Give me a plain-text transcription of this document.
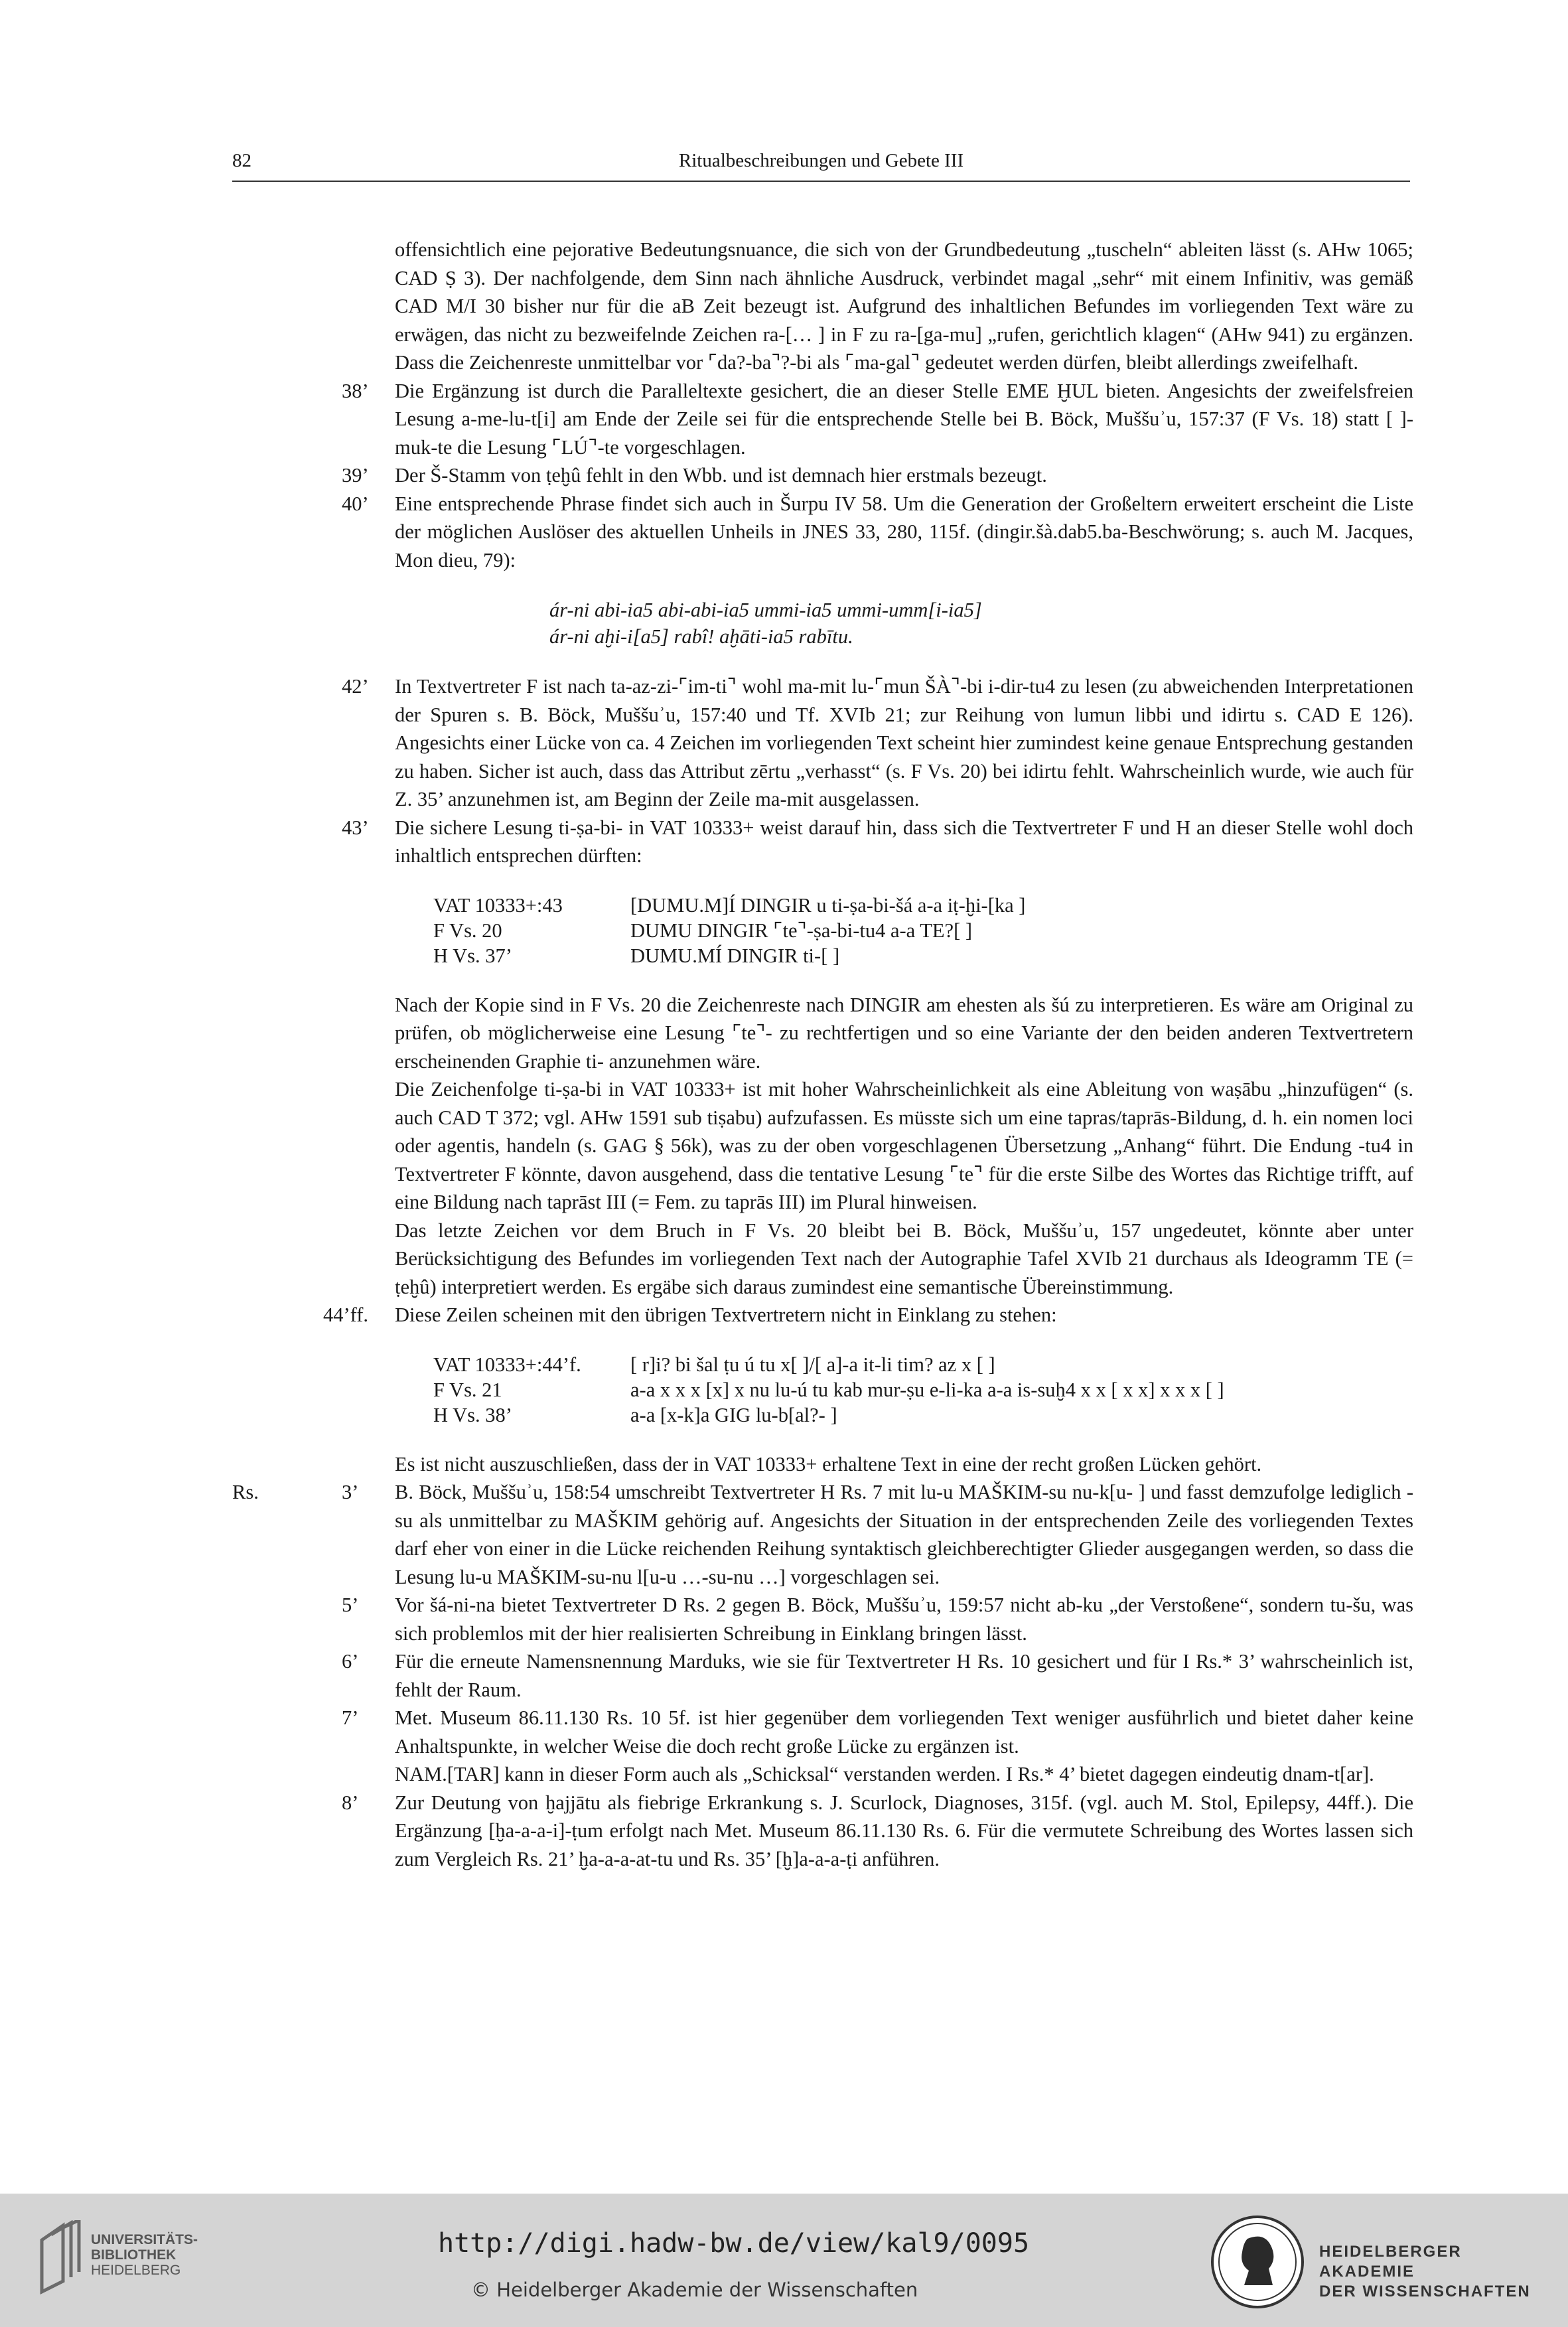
82	Ritualbeschreibungen und Gebete III

offensichtlich eine pejorative Bedeutungsnuance, die sich von der Grundbedeutung „tuscheln“ ableiten lässt (s. AHw 1065; CAD Ṣ 3). Der nachfolgende, dem Sinn nach ähnliche Ausdruck, verbindet magal „sehr“ mit einem Infinitiv, was gemäß CAD M/I 30 bisher nur für die aB Zeit bezeugt ist. Aufgrund des inhaltlichen Befundes im vorliegenden Text wäre zu erwägen, das nicht zu bezweifelnde Zeichen ra-[… ] in F zu ra-[ga-mu] „rufen, gerichtlich klagen“ (AHw 941) zu ergänzen. Dass die Zeichenreste unmittelbar vor ⌜da?-ba⌝?-bi als ⌜ma-gal⌝ gedeutet werden dürfen, bleibt allerdings zweifelhaft.

38’	Die Ergänzung ist durch die Paralleltexte gesichert, die an dieser Stelle EME ḪUL bieten. Angesichts der zweifelsfreien Lesung a-me-lu-t[i] am Ende der Zeile sei für die entsprechende Stelle bei B. Böck, Muššuʾu, 157:37 (F Vs. 18) statt [ ]-muk-te die Lesung ⌜LÚ⌝-te vorgeschlagen.

39’	Der Š-Stamm von ṭeḫû fehlt in den Wbb. und ist demnach hier erstmals bezeugt.

40’	Eine entsprechende Phrase findet sich auch in Šurpu IV 58. Um die Generation der Großeltern erweitert erscheint die Liste der möglichen Auslöser des aktuellen Unheils in JNES 33, 280, 115f. (dingir.šà.dab5.ba-Beschwörung; s. auch M. Jacques, Mon dieu, 79):

ár-ni abi-ia5 abi-abi-ia5 ummi-ia5 ummi-umm[i-ia5]
ár-ni aḫi-i[a5] rabî! aḫāti-ia5 rabītu.

42’	In Textvertreter F ist nach ta-az-zi-⌜im-ti⌝ wohl ma-mit lu-⌜mun ŠÀ⌝-bi i-dir-tu4 zu lesen (zu abweichenden Interpretationen der Spuren s. B. Böck, Muššuʾu, 157:40 und Tf. XVIb 21; zur Reihung von lumun libbi und idirtu s. CAD E 126). Angesichts einer Lücke von ca. 4 Zeichen im vorliegenden Text scheint hier zumindest keine genaue Entsprechung gestanden zu haben. Sicher ist auch, dass das Attribut zērtu „verhasst“ (s. F Vs. 20) bei idirtu fehlt. Wahrscheinlich wurde, wie auch für Z. 35’ anzunehmen ist, am Beginn der Zeile ma-mit ausgelassen.

43’	Die sichere Lesung ti-ṣa-bi- in VAT 10333+ weist darauf hin, dass sich die Textvertreter F und H an dieser Stelle wohl doch inhaltlich entsprechen dürften:

VAT 10333+:43	[DUMU.M]Í DINGIR u ti-ṣa-bi-šá a-a iṭ-ḫi-[ka ]
F Vs. 20	DUMU DINGIR ⌜te⌝-ṣa-bi-tu4 a-a TE?[ ]
H Vs. 37’	DUMU.MÍ DINGIR ti-[ ]

Nach der Kopie sind in F Vs. 20 die Zeichenreste nach DINGIR am ehesten als šú zu interpretieren. Es wäre am Original zu prüfen, ob möglicherweise eine Lesung ⌜te⌝- zu rechtfertigen und so eine Variante der den beiden anderen Textvertretern erscheinenden Graphie ti- anzunehmen wäre.

Die Zeichenfolge ti-ṣa-bi in VAT 10333+ ist mit hoher Wahrscheinlichkeit als eine Ableitung von waṣābu „hinzufügen“ (s. auch CAD T 372; vgl. AHw 1591 sub tiṣabu) aufzufassen. Es müsste sich um eine tapras/taprās-Bildung, d. h. ein nomen loci oder agentis, handeln (s. GAG § 56k), was zu der oben vorgeschlagenen Übersetzung „Anhang“ führt. Die Endung -tu4 in Textvertreter F könnte, davon ausgehend, dass die tentative Lesung ⌜te⌝ für die erste Silbe des Wortes das Richtige trifft, auf eine Bildung nach taprāst III (= Fem. zu taprās III) im Plural hinweisen.

Das letzte Zeichen vor dem Bruch in F Vs. 20 bleibt bei B. Böck, Muššuʾu, 157 ungedeutet, könnte aber unter Berücksichtigung des Befundes im vorliegenden Text nach der Autographie Tafel XVIb 21 durchaus als Ideogramm TE (= ṭeḫû) interpretiert werden. Es ergäbe sich daraus zumindest eine semantische Übereinstimmung.

44’ff. Diese Zeilen scheinen mit den übrigen Textvertretern nicht in Einklang zu stehen:

VAT 10333+:44’f.	[ r]i? bi šal ṭu ú tu x[ ]/[ a]-a it-li tim? az x [ ]
F Vs. 21	a-a x x x [x] x nu lu-ú tu kab mur-ṣu e-li-ka a-a is-suḫ4 x x [ x x] x x x [ ]
H Vs. 38’	a-a [x-k]a GIG lu-b[al?- ]

Es ist nicht auszuschließen, dass der in VAT 10333+ erhaltene Text in eine der recht großen Lücken gehört.

Rs.	3’	B. Böck, Muššuʾu, 158:54 umschreibt Textvertreter H Rs. 7 mit lu-u MAŠKIM-su nu-k[u- ] und fasst demzufolge lediglich -su als unmittelbar zu MAŠKIM gehörig auf. Angesichts der Situation in der entsprechenden Zeile des vorliegenden Textes darf eher von einer in die Lücke reichenden Reihung syntaktisch gleichberechtigter Glieder ausgegangen werden, so dass die Lesung lu-u MAŠKIM-su-nu l[u-u …-su-nu …] vorgeschlagen sei.

5’	Vor šá-ni-na bietet Textvertreter D Rs. 2 gegen B. Böck, Muššuʾu, 159:57 nicht ab-ku „der Verstoßene“, sondern tu-šu, was sich problemlos mit der hier realisierten Schreibung in Einklang bringen lässt.

6’	Für die erneute Namensnennung Marduks, wie sie für Textvertreter H Rs. 10 gesichert und für I Rs.* 3’ wahrscheinlich ist, fehlt der Raum.

7’	Met. Museum 86.11.130 Rs. 10 5f. ist hier gegenüber dem vorliegenden Text weniger ausführlich und bietet daher keine Anhaltspunkte, in welcher Weise die doch recht große Lücke zu ergänzen ist.

NAM.[TAR] kann in dieser Form auch als „Schicksal“ verstanden werden. I Rs.* 4’ bietet dagegen eindeutig dnam-t[ar].

8’	Zur Deutung von ḫajjātu als fiebrige Erkrankung s. J. Scurlock, Diagnoses, 315f. (vgl. auch M. Stol, Epilepsy, 44ff.). Die Ergänzung [ḫa-a-a-i]-ṭum erfolgt nach Met. Museum 86.11.130 Rs. 6. Für die vermutete Schreibung des Wortes lassen sich zum Vergleich Rs. 21’ ḫa-a-a-at-tu und Rs. 35’ [ḫ]a-a-a-ṭi anführen.

UNIVERSITÄTS-
BIBLIOTHEK
HEIDELBERG
http://digi.hadw-bw.de/view/kal9/0095
© Heidelberger Akademie der Wissenschaften
HEIDELBERGER AKADEMIE
DER WISSENSCHAFTEN
